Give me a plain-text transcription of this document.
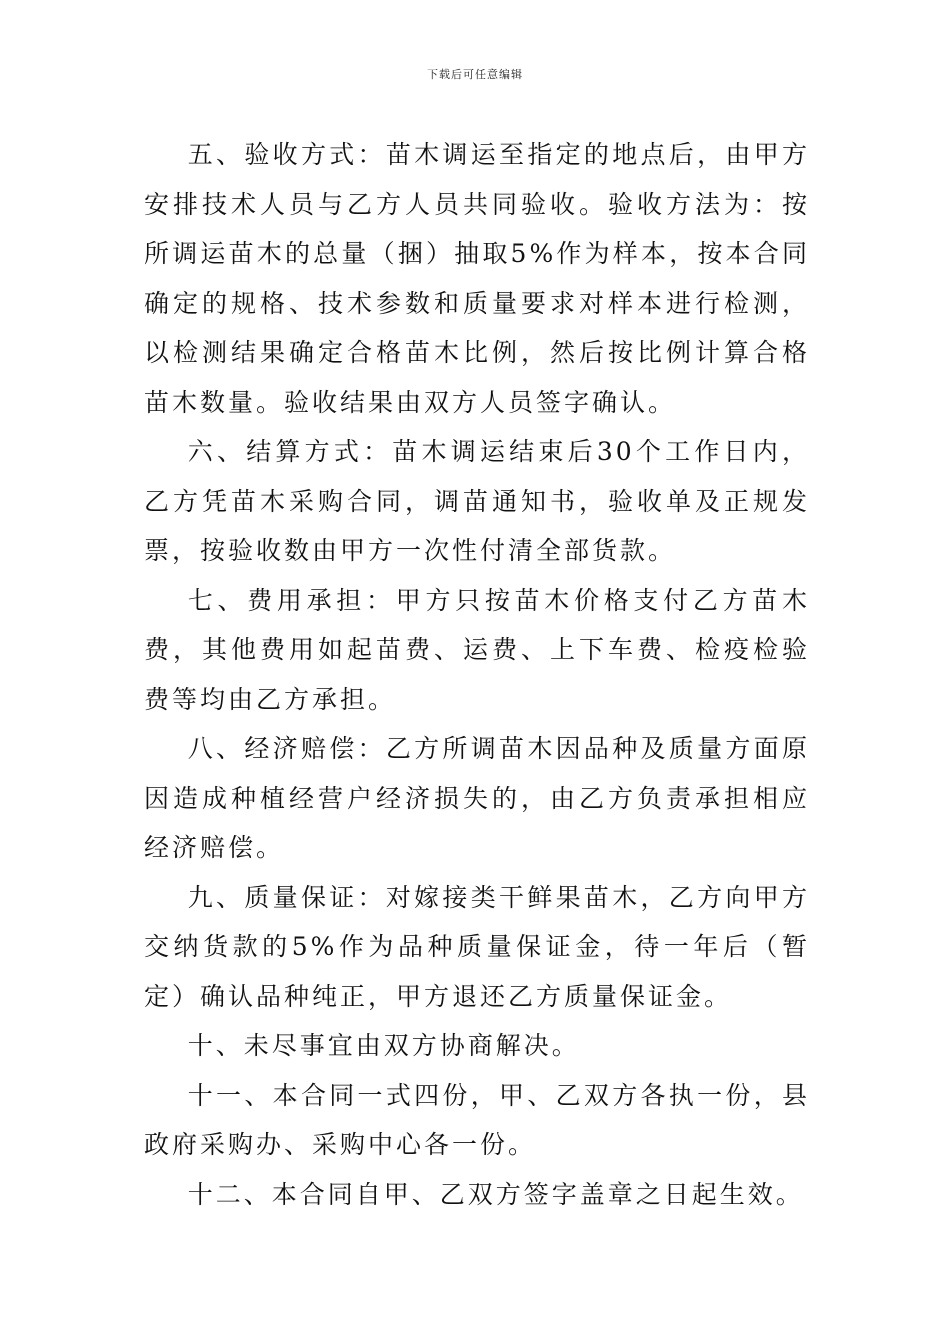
下载后可任意编辑

五、验收方式：苗木调运至指定的地点后，由甲方安排技术人员与乙方人员共同验收。验收方法为：按所调运苗木的总量（捆）抽取5%作为样本，按本合同确定的规格、技术参数和质量要求对样本进行检测，以检测结果确定合格苗木比例，然后按比例计算合格苗木数量。验收结果由双方人员签字确认。

六、结算方式：苗木调运结束后30个工作日内，乙方凭苗木采购合同，调苗通知书，验收单及正规发票，按验收数由甲方一次性付清全部货款。

七、费用承担：甲方只按苗木价格支付乙方苗木费，其他费用如起苗费、运费、上下车费、检疫检验费等均由乙方承担。

八、经济赔偿：乙方所调苗木因品种及质量方面原因造成种植经营户经济损失的，由乙方负责承担相应经济赔偿。

九、质量保证：对嫁接类干鲜果苗木，乙方向甲方交纳货款的5%作为品种质量保证金，待一年后（暂定）确认品种纯正，甲方退还乙方质量保证金。

十、未尽事宜由双方协商解决。

十一、本合同一式四份，甲、乙双方各执一份，县政府采购办、采购中心各一份。

十二、本合同自甲、乙双方签字盖章之日起生效。
